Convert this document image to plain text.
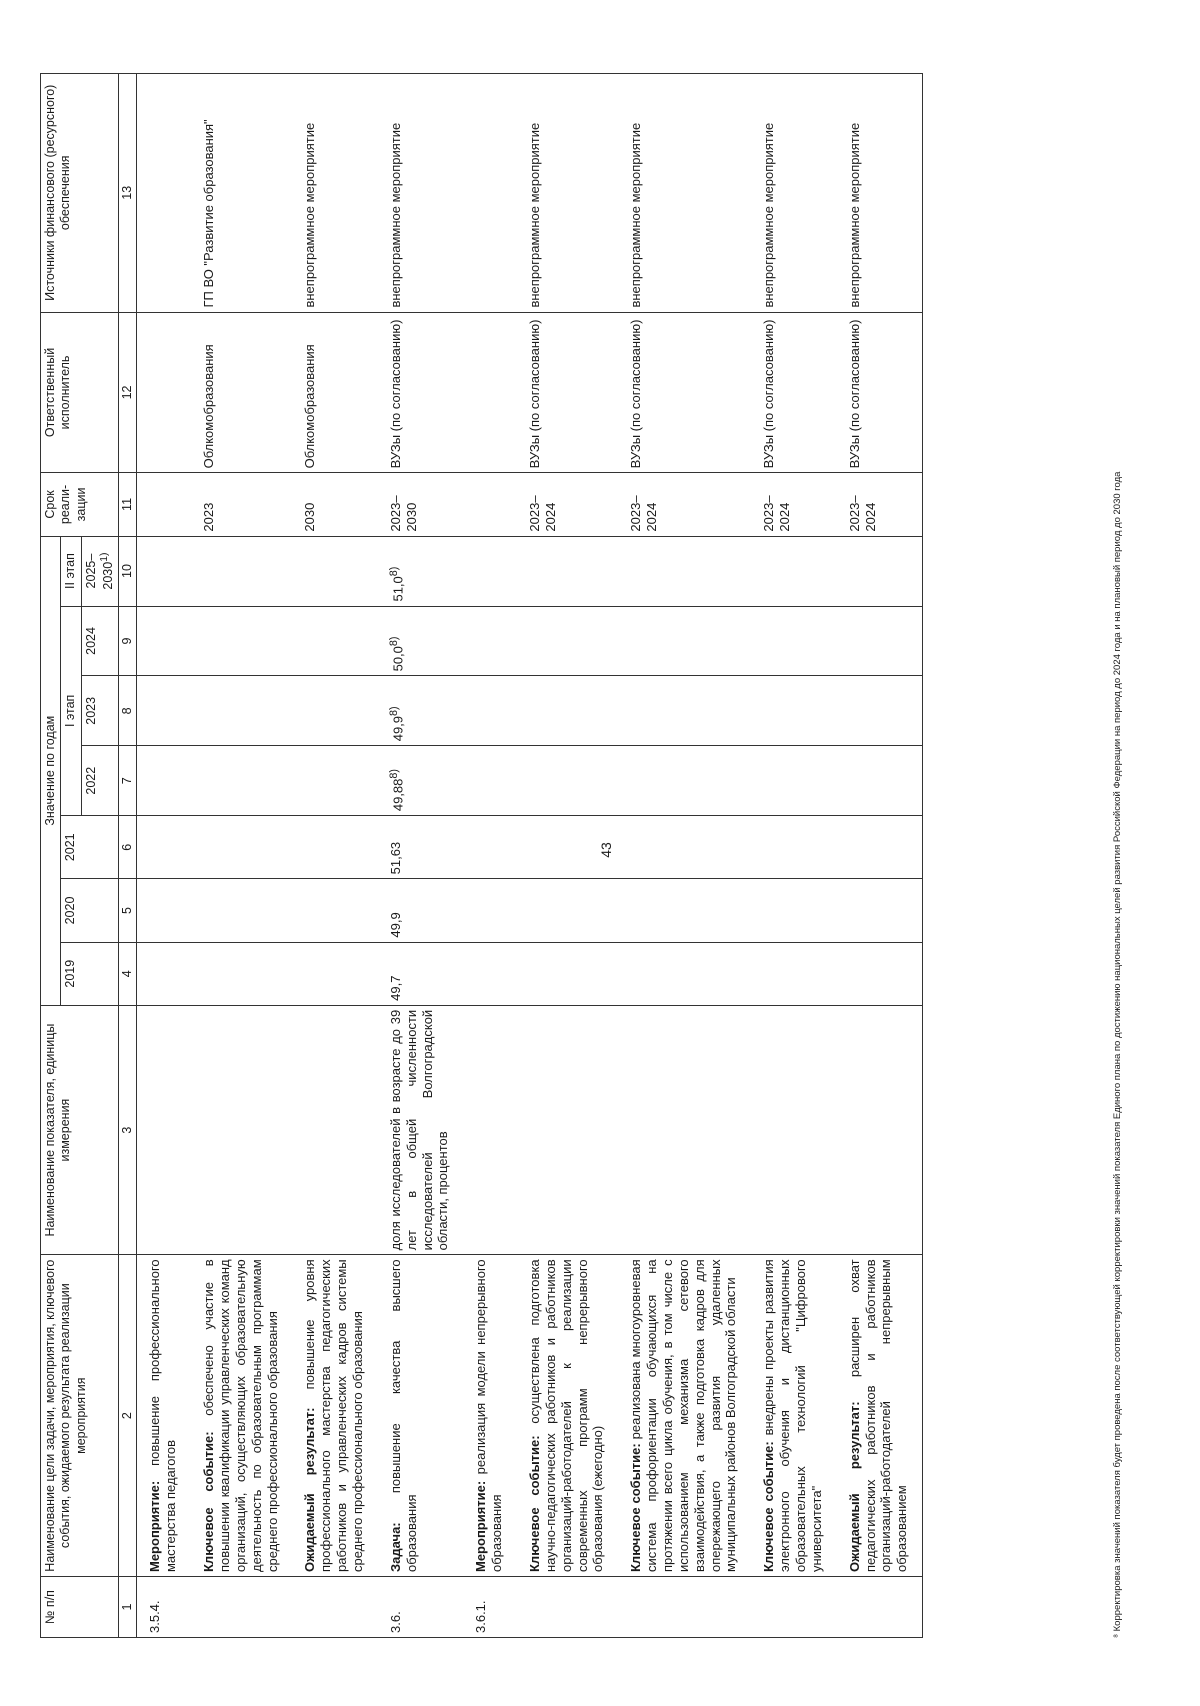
43
№ п/п	Наименование цели задачи, мероприятия, ключевого события, ожидаемого результата реализации мероприятия	Наименование показателя, единицы измерения	Значение по годам							Срок реали-зации	Ответственный исполнитель	Источники финансового (ресурсного) обеспечения
			2019	2020	2021	I этап			II этап			
						2022	2023	2024	2025–2030$^{1)}$
1	2	3	4	5	6	7	8	9	10	11	12	13
3.5.4.	Мероприятие: повышение профессионального мастерства педагогов											
	Ключевое событие: обеспечено участие в повышении квалификации управленческих команд организаций, осуществляющих образовательную деятельность по образовательным программам среднего профессионального образования									2023	Облкомобразования	ГП ВО "Развитие образования"
	Ожидаемый результат: повышение уровня профессионального мастерства педагогических работников и управленческих кадров системы среднего профессионального образования									2030	Облкомобразования	внепрограммное мероприятие
3.6.	Задача: повышение качества высшего образования	доля исследователей в возрасте до 39 лет в общей численности исследователей Волгоградской области, процентов	49,7	49,9	51,63	49,88$^{8)}$	49,9$^{8)}$	50,0$^{8)}$	51,0$^{8)}$	2023–2030	ВУЗы (по согласованию)	внепрограммное мероприятие
3.6.1.	Мероприятие: реализация модели непрерывного образования											
	Ключевое событие: осуществлена подготовка научно-педагогических работников и работников организаций-работодателей к реализации современных программ непрерывного образования (ежегодно)									2023–2024	ВУЗы (по согласованию)	внепрограммное мероприятие
	Ключевое событие: реализована многоуровневая система профориентации обучающихся на протяжении всего цикла обучения, в том числе с использованием механизма сетевого взаимодействия, а также подготовка кадров для опережающего развития удаленных муниципальных районов Волгоградской области									2023–2024	ВУЗы (по согласованию)	внепрограммное мероприятие
	Ключевое событие: внедрены проекты развития электронного обучения и дистанционных образовательных технологий "Цифрового университета"									2023–2024	ВУЗы (по согласованию)	внепрограммное мероприятие
	Ожидаемый результат: расширен охват педагогических работников и работников организаций-работодателей непрерывным образованием									2023–2024	ВУЗы (по согласованию)	внепрограммное мероприятие
⁸ Корректировка значений показателя будет проведена после соответствующей корректировки значений показателя Единого плана по достижению национальных целей развития Российской Федерации на период до 2024 года и на плановый период до 2030 года
